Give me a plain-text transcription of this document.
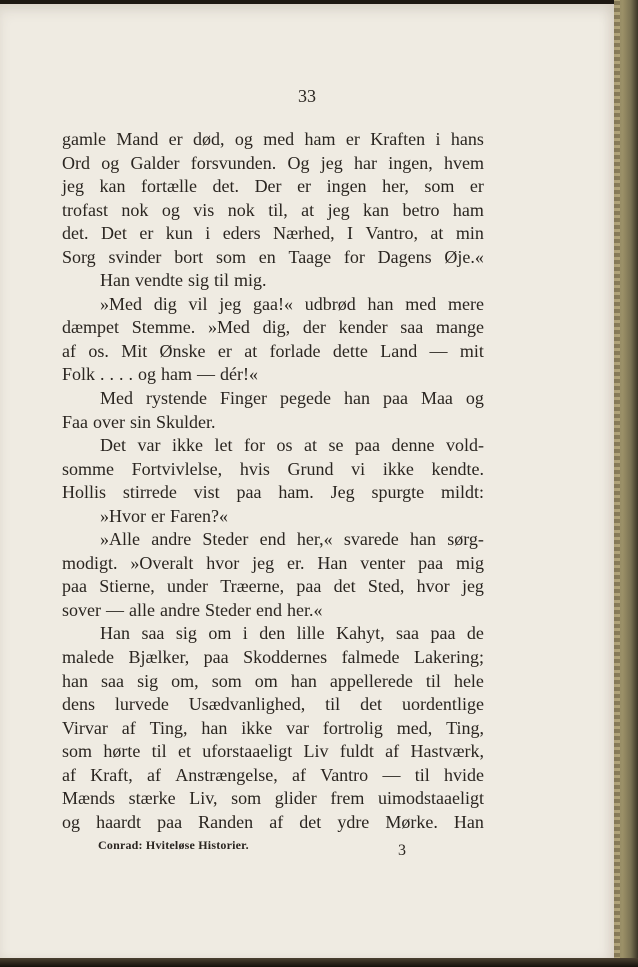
33
gamle Mand er død, og med ham er Kraften i hans
Ord og Galder forsvunden. Og jeg har ingen, hvem
jeg kan fortælle det. Der er ingen her, som er
trofast nok og vis nok til, at jeg kan betro ham
det. Det er kun i eders Nærhed, I Vantro, at min
Sorg svinder bort som en Taage for Dagens Øje.«
Han vendte sig til mig.
»Med dig vil jeg gaa!« udbrød han med mere
dæmpet Stemme. »Med dig, der kender saa mange
af os. Mit Ønske er at forlade dette Land — mit
Folk . . . . og ham — dér!«
Med rystende Finger pegede han paa Maa og
Faa over sin Skulder.
Det var ikke let for os at se paa denne vold-
somme Fortvivlelse, hvis Grund vi ikke kendte.
Hollis stirrede vist paa ham. Jeg spurgte mildt:
»Hvor er Faren?«
»Alle andre Steder end her,« svarede han sørg-
modigt. »Overalt hvor jeg er. Han venter paa mig
paa Stierne, under Træerne, paa det Sted, hvor jeg
sover — alle andre Steder end her.«
Han saa sig om i den lille Kahyt, saa paa de
malede Bjælker, paa Skoddernes falmede Lakering;
han saa sig om, som om han appellerede til hele
dens lurvede Usædvanlighed, til det uordentlige
Virvar af Ting, han ikke var fortrolig med, Ting,
som hørte til et uforstaaeligt Liv fuldt af Hastværk,
af Kraft, af Anstrængelse, af Vantro — til hvide
Mænds stærke Liv, som glider frem uimodstaaeligt
og haardt paa Randen af det ydre Mørke. Han
Conrad: Hviteløse Historier.	3
